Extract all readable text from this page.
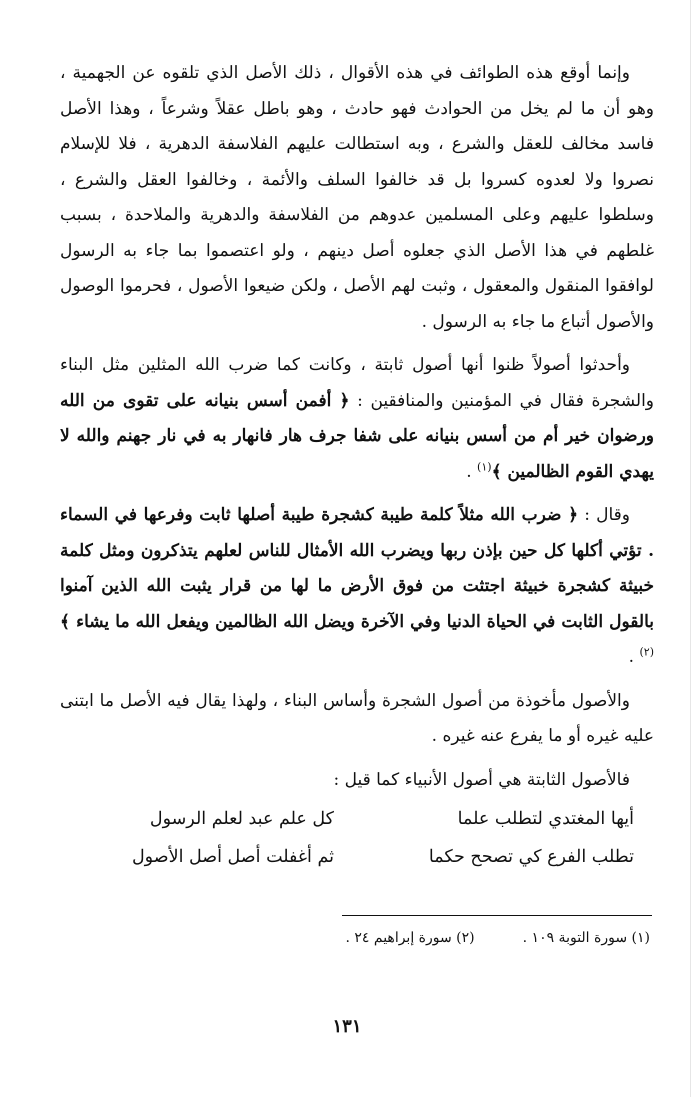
وإنما أوقع هذه الطوائف في هذه الأقوال ، ذلك الأصل الذي تلقوه عن الجهمية ، وهو أن ما لم يخل من الحوادث فهو حادث ، وهو باطل عقلاً وشرعاً ، وهذا الأصل فاسد مخالف للعقل والشرع ، وبه استطالت عليهم الفلاسفة الدهرية ، فلا للإسلام نصروا ولا لعدوه كسروا بل قد خالفوا السلف والأئمة ، وخالفوا العقل والشرع ، وسلطوا عليهم وعلى المسلمين عدوهم من الفلاسفة والدهرية والملاحدة ، بسبب غلطهم في هذا الأصل الذي جعلوه أصل دينهم ، ولو اعتصموا بما جاء به الرسول لوافقوا المنقول والمعقول ، وثبت لهم الأصل ، ولكن ضيعوا الأصول ، فحرموا الوصول والأصول أتباع ما جاء به الرسول .

وأحدثوا أصولاً ظنوا أنها أصول ثابتة ، وكانت كما ضرب الله المثلين مثل البناء والشجرة فقال في المؤمنين والمنافقين : ﴿ أفمن أسس بنيانه على تقوى من الله ورضوان خير أم من أسس بنيانه على شفا جرف هار فانهار به في نار جهنم والله لا يهدي القوم الظالمين ﴾$^{(١)}$ .

وقال : ﴿ ضرب الله مثلاً كلمة طيبة كشجرة طيبة أصلها ثابت وفرعها في السماء . تؤتي أكلها كل حين بإذن ربها ويضرب الله الأمثال للناس لعلهم يتذكرون ومثل كلمة خبيثة كشجرة خبيثة اجتثت من فوق الأرض ما لها من قرار يثبت الله الذين آمنوا بالقول الثابت في الحياة الدنيا وفي الآخرة ويضل الله الظالمين ويفعل الله ما يشاء ﴾$^{(٢)}$ .

والأصول مأخوذة من أصول الشجرة وأساس البناء ، ولهذا يقال فيه الأصل ما ابتنى عليه غيره أو ما يفرع عنه غيره .

فالأصول الثابتة هي أصول الأنبياء كما قيل :

أيها المغتدي لتطلب علما
كل علم عبد لعلم الرسول
تطلب الفرع كي تصحح حكما
ثم أغفلت أصل أصل الأصول
(١) سورة التوبة ١٠٩ .
(٢) سورة إبراهيم ٢٤ .
١٣١
